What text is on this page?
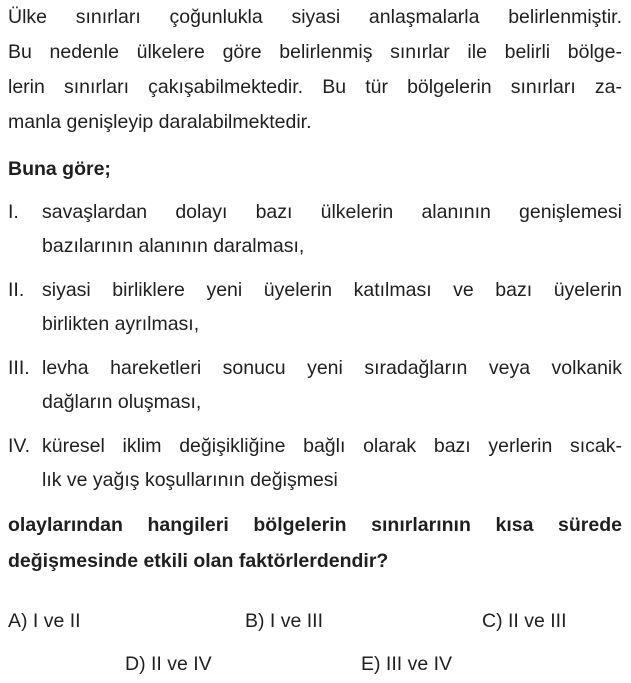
Ülke sınırları çoğunlukla siyasi anlaşmalarla belirlenmiştir.
Bu nedenle ülkelere göre belirlenmiş sınırlar ile belirli bölge-
lerin sınırları çakışabilmektedir. Bu tür bölgelerin sınırları za-
manla genişleyip daralabilmektedir.

Buna göre;

I.	savaşlardan dolayı bazı ülkelerin alanının genişlemesi
bazılarının alanının daralması,
II. siyasi birliklere yeni üyelerin katılması ve bazı üyelerin
birlikten ayrılması,
III. levha hareketleri sonucu yeni sıradağların veya volkanik
dağların oluşması,
IV. küresel iklim değişikliğine bağlı olarak bazı yerlerin sıcak-
lık ve yağış koşullarının değişmesi

olaylarından hangileri bölgelerin sınırlarının kısa sürede
değişmesinde etkili olan faktörlerdendir?

A) I ve II	B) I ve III	C) II ve III
D) II ve IV	E) III ve IV
